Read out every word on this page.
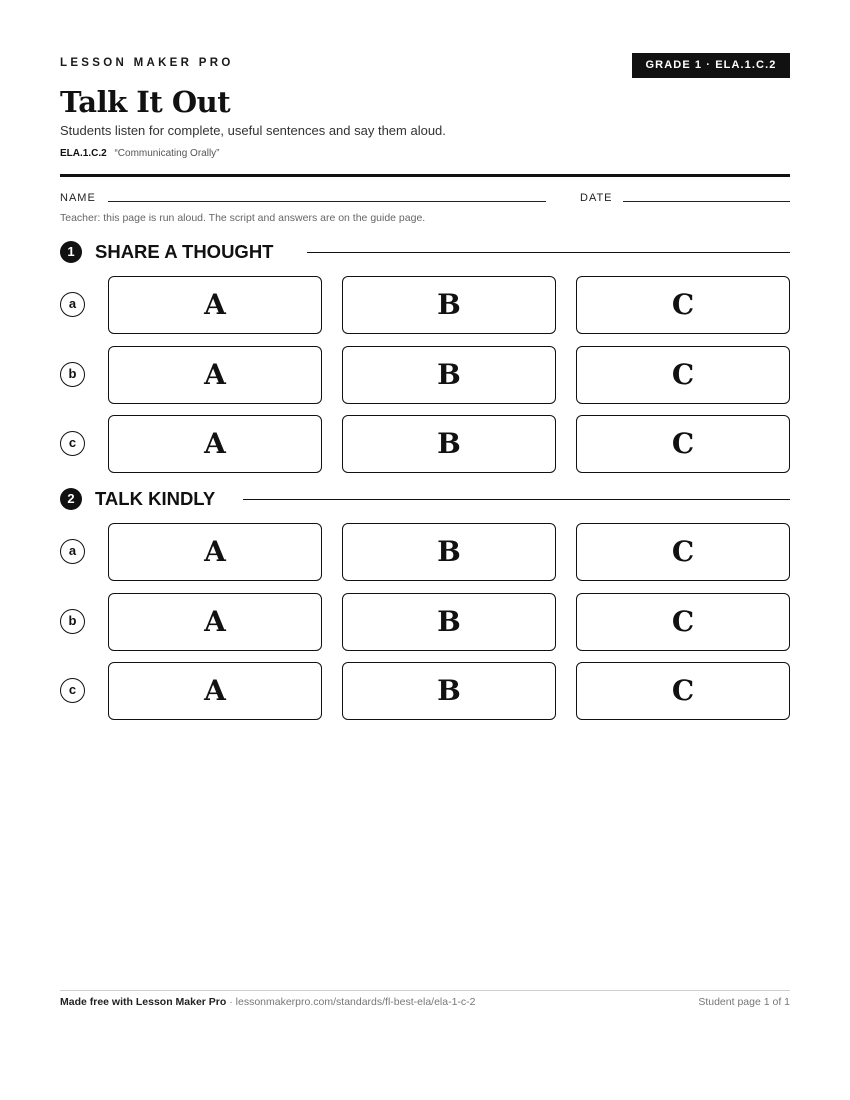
LESSON MAKER PRO	GRADE 1 · ELA.1.C.2
Talk It Out
Students listen for complete, useful sentences and say them aloud.
ELA.1.C.2 “Communicating Orally”
NAME	DATE
Teacher: this page is run aloud. The script and answers are on the guide page.
1	SHARE A THOUGHT
a	A	B	C
b	A	B	C
c	A	B	C
2	TALK KINDLY
a	A	B	C
b	A	B	C
c	A	B	C
Made free with Lesson Maker Pro · lessonmakerpro.com/standards/fl-best-ela/ela-1-c-2	Student page 1 of 1
